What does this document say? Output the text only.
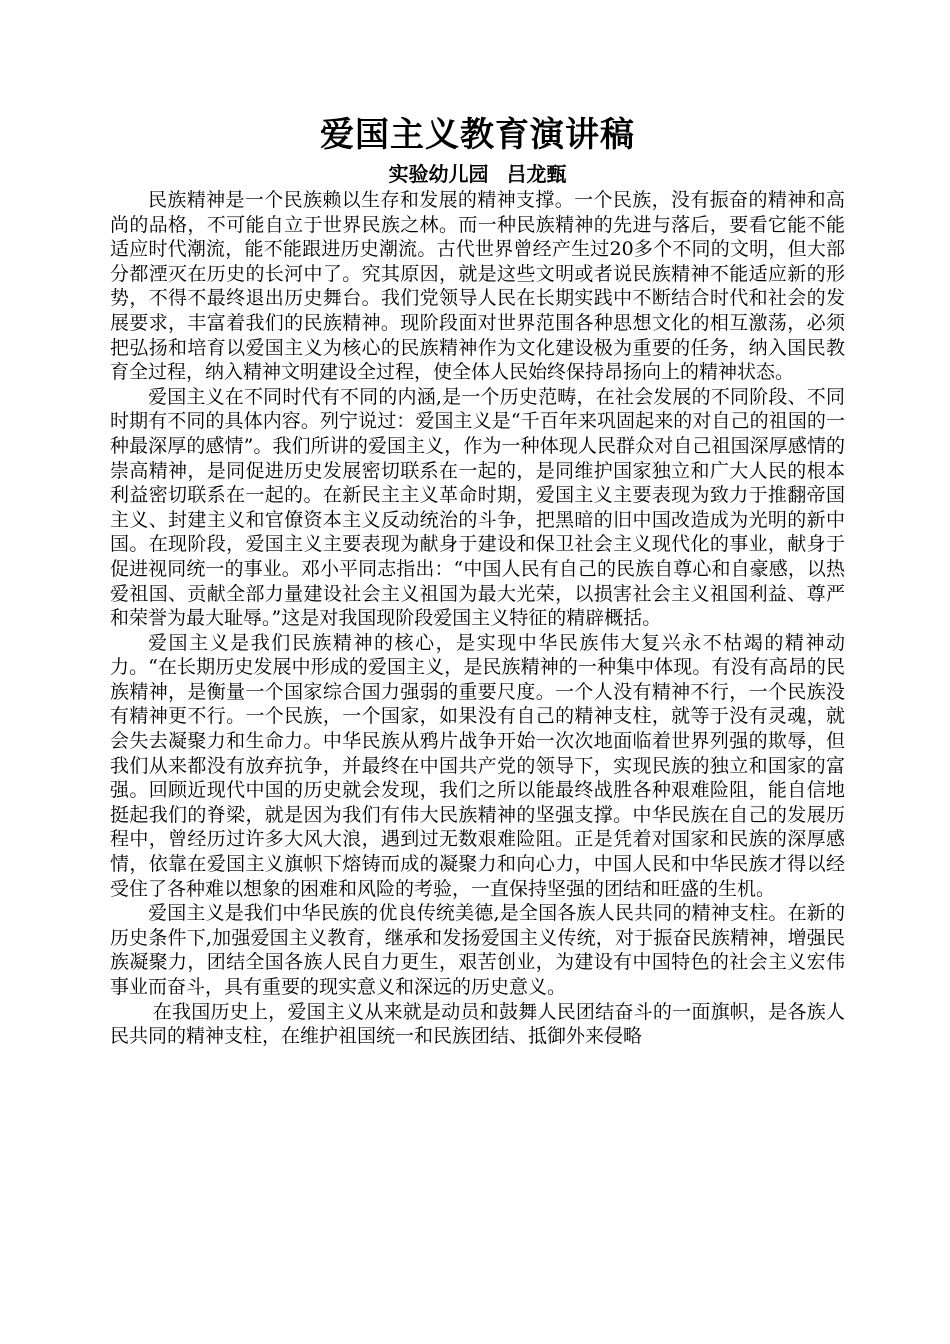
爱国主义教育演讲稿

实验幼儿园 吕龙甄

民族精神是一个民族赖以生存和发展的精神支撑。一个民族，没有振奋的精神和高尚的品格，不可能自立于世界民族之林。而一种民族精神的先进与落后，要看它能不能适应时代潮流，能不能跟进历史潮流。古代世界曾经产生过20多个不同的文明，但大部分都湮灭在历史的长河中了。究其原因，就是这些文明或者说民族精神不能适应新的形势，不得不最终退出历史舞台。我们党领导人民在长期实践中不断结合时代和社会的发展要求，丰富着我们的民族精神。现阶段面对世界范围各种思想文化的相互激荡，必须把弘扬和培育以爱国主义为核心的民族精神作为文化建设极为重要的任务，纳入国民教育全过程，纳入精神文明建设全过程，使全体人民始终保持昂扬向上的精神状态。

爱国主义在不同时代有不同的内涵,是一个历史范畴，在社会发展的不同阶段、不同时期有不同的具体内容。列宁说过：爱国主义是“千百年来巩固起来的对自己的祖国的一种最深厚的感情”。我们所讲的爱国主义，作为一种体现人民群众对自己祖国深厚感情的崇高精神，是同促进历史发展密切联系在一起的，是同维护国家独立和广大人民的根本利益密切联系在一起的。在新民主主义革命时期，爱国主义主要表现为致力于推翻帝国主义、封建主义和官僚资本主义反动统治的斗争，把黑暗的旧中国改造成为光明的新中国。在现阶段，爱国主义主要表现为献身于建设和保卫社会主义现代化的事业，献身于促进视同统一的事业。邓小平同志指出：“中国人民有自己的民族自尊心和自豪感，以热爱祖国、贡献全部力量建设社会主义祖国为最大光荣，以损害社会主义祖国利益、尊严和荣誉为最大耻辱。”这是对我国现阶段爱国主义特征的精辟概括。

爱国主义是我们民族精神的核心，是实现中华民族伟大复兴永不枯竭的精神动力。“在长期历史发展中形成的爱国主义，是民族精神的一种集中体现。有没有高昂的民族精神，是衡量一个国家综合国力强弱的重要尺度。一个人没有精神不行，一个民族没有精神更不行。一个民族，一个国家，如果没有自己的精神支柱，就等于没有灵魂，就会失去凝聚力和生命力。中华民族从鸦片战争开始一次次地面临着世界列强的欺辱，但我们从来都没有放弃抗争，并最终在中国共产党的领导下，实现民族的独立和国家的富强。回顾近现代中国的历史就会发现，我们之所以能最终战胜各种艰难险阻，能自信地挺起我们的脊梁，就是因为我们有伟大民族精神的坚强支撑。中华民族在自己的发展历程中，曾经历过许多大风大浪，遇到过无数艰难险阻。正是凭着对国家和民族的深厚感情，依靠在爱国主义旗帜下熔铸而成的凝聚力和向心力，中国人民和中华民族才得以经受住了各种难以想象的困难和风险的考验，一直保持坚强的团结和旺盛的生机。

爱国主义是我们中华民族的优良传统美德,是全国各族人民共同的精神支柱。在新的历史条件下,加强爱国主义教育，继承和发扬爱国主义传统，对于振奋民族精神，增强民族凝聚力，团结全国各族人民自力更生，艰苦创业，为建设有中国特色的社会主义宏伟事业而奋斗，具有重要的现实意义和深远的历史意义。

在我国历史上，爱国主义从来就是动员和鼓舞人民团结奋斗的一面旗帜，是各族人民共同的精神支柱，在维护祖国统一和民族团结、抵御外来侵略
